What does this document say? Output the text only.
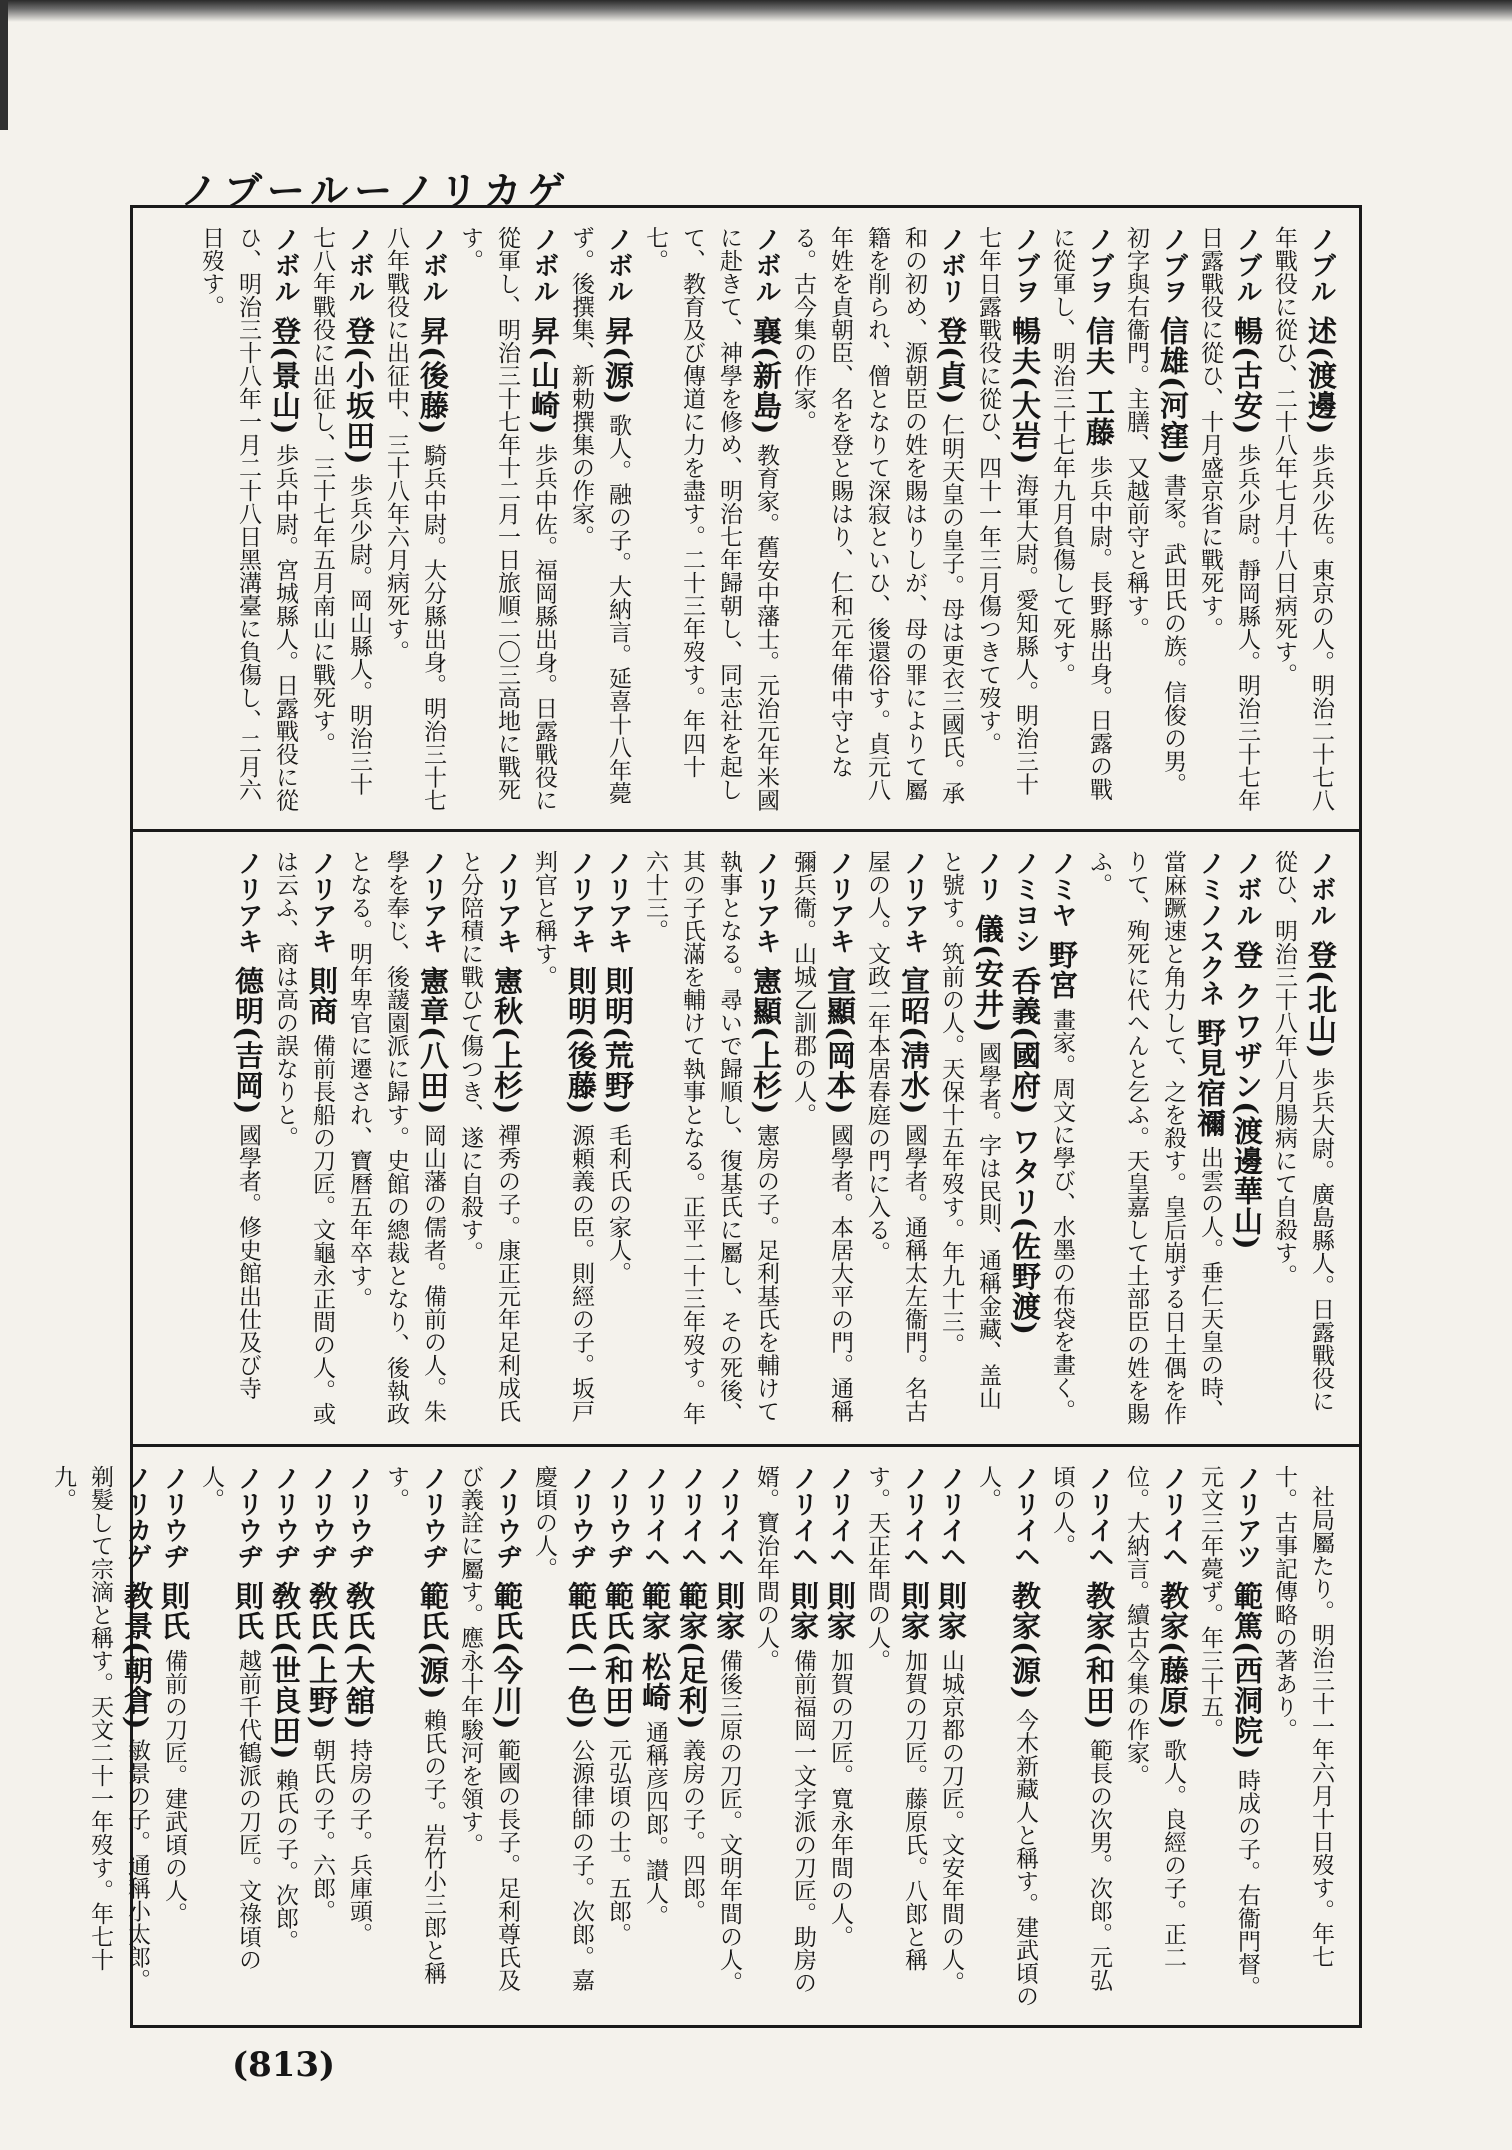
ノブールーノリカゲ
ノブル述(渡邊)歩兵少佐。東京の人。明治二十七八年戰役に從ひ、二十八年七月十八日病死す。
ノブル暢(古安)歩兵少尉。靜岡縣人。明治三十七年日露戰役に從ひ、十月盛京省に戰死す。
ノブヲ信雄(河窪)書家。武田氏の族。信俊の男。初字與右衞門。主膳、又越前守と稱す。
ノブヲ信夫 工藤歩兵中尉。長野縣出身。日露の戰に從軍し、明治三十七年九月負傷して死す。
ノブヲ暢夫(大岩)海軍大尉。愛知縣人。明治三十七年日露戰役に從ひ、四十一年三月傷つきて歿す。
ノボリ登(貞)仁明天皇の皇子。母は更衣三國氏。承和の初め、源朝臣の姓を賜はりしが、母の罪によりて屬籍を削られ、僧となりて深寂といひ、後還俗す。貞元八年姓を貞朝臣、名を登と賜はり、仁和元年備中守となる。古今集の作家。
ノボル襄(新島)教育家。舊安中藩士。元治元年米國に赴きて、神學を修め、明治七年歸朝し、同志社を起して、教育及び傳道に力を盡す。二十三年歿す。年四十七。
ノボル昇(源)歌人。融の子。大納言。延喜十八年薨ず。後撰集、新勅撰集の作家。
ノボル昇(山崎)歩兵中佐。福岡縣出身。日露戰役に從軍し、明治三十七年十二月一日旅順二〇三高地に戰死す。
ノボル昇(後藤)騎兵中尉。大分縣出身。明治三十七八年戰役に出征中、三十八年六月病死す。
ノボル登(小坂田)歩兵少尉。岡山縣人。明治三十七八年戰役に出征し、三十七年五月南山に戰死す。
ノボル登(景山)歩兵中尉。宮城縣人。日露戰役に從ひ、明治三十八年一月二十八日黑溝臺に負傷し、二月六日歿す。
ノボル登(北山)歩兵大尉。廣島縣人。日露戰役に從ひ、明治三十八年八月腸病にて自殺す。
ノボル登 クワザン(渡邊華山)
ノミノスクネ野見宿禰出雲の人。垂仁天皇の時、當麻蹶速と角力して、之を殺す。皇后崩ずる日土偶を作りて、殉死に代へんと乞ふ。天皇嘉して土部臣の姓を賜ふ。
ノミヤ野宮畫家。周文に學び、水墨の布袋を畫く。
ノミヨシ呑義(國府) ワタリ(佐野渡)
ノリ儀(安井)國學者。字は民則、通稱金藏、盖山と號す。筑前の人。天保十五年歿す。年九十三。
ノリアキ宣昭(淸水)國學者。通稱太左衞門。名古屋の人。文政二年本居春庭の門に入る。
ノリアキ宣顯(岡本)國學者。本居大平の門。通稱彌兵衞。山城乙訓郡の人。
ノリアキ憲顯(上杉)憲房の子。足利基氏を輔けて執事となる。尋いで歸順し、復基氏に屬し、その死後、其の子氏滿を輔けて執事となる。正平二十三年歿す。年六十三。
ノリアキ則明(荒野)毛利氏の家人。
ノリアキ則明(後藤)源頼義の臣。則經の子。坂戸判官と稱す。
ノリアキ憲秋(上杉)禪秀の子。康正元年足利成氏と分陪積に戰ひて傷つき、遂に自殺す。
ノリアキ憲章(八田)岡山藩の儒者。備前の人。朱學を奉じ、後蘐園派に歸す。史館の總裁となり、後執政となる。明年卑官に遷され、寶曆五年卒す。
ノリアキ則商備前長船の刀匠。文龜永正間の人。或は云ふ、商は高の誤なりと。
ノリアキ德明(吉岡)國學者。修史館出仕及び寺
社局屬たり。明治三十一年六月十日歿す。年七十。古事記傳略の著あり。
ノリアツ範篤(西洞院)時成の子。右衞門督。元文三年薨ず。年三十五。
ノリイヘ教家(藤原)歌人。良經の子。正二位。大納言。續古今集の作家。
ノリイヘ教家(和田)範長の次男。次郎。元弘頃の人。
ノリイヘ教家(源)今木新藏人と稱す。建武頃の人。
ノリイヘ則家山城京都の刀匠。文安年間の人。
ノリイヘ則家加賀の刀匠。藤原氏。八郎と稱す。天正年間の人。
ノリイヘ則家加賀の刀匠。寬永年間の人。
ノリイヘ則家備前福岡一文字派の刀匠。助房の婿。寶治年間の人。
ノリイヘ則家備後三原の刀匠。文明年間の人。
ノリイヘ範家(足利)義房の子。四郎。
ノリイヘ範家 松崎通稱彦四郎。讃人。
ノリウヂ範氏(和田)元弘頃の士。五郎。
ノリウヂ範氏(一色)公源律師の子。次郎。嘉慶頃の人。
ノリウヂ範氏(今川)範國の長子。足利尊氏及び義詮に屬す。應永十年駿河を領す。
ノリウヂ範氏(源)賴氏の子。岩竹小三郎と稱す。
ノリウヂ敎氏(大舘)持房の子。兵庫頭。
ノリウヂ敎氏(上野)朝氏の子。六郎。
ノリウヂ敎氏(世良田)賴氏の子。次郎。
ノリウヂ則氏越前千代鶴派の刀匠。文祿頃の人。
ノリウヂ則氏備前の刀匠。建武頃の人。
ノリカゲ教景(朝倉)敏景の子。通稱小太郎。剃髮して宗滴と稱す。天文二十一年歿す。年七十九。
(813)
